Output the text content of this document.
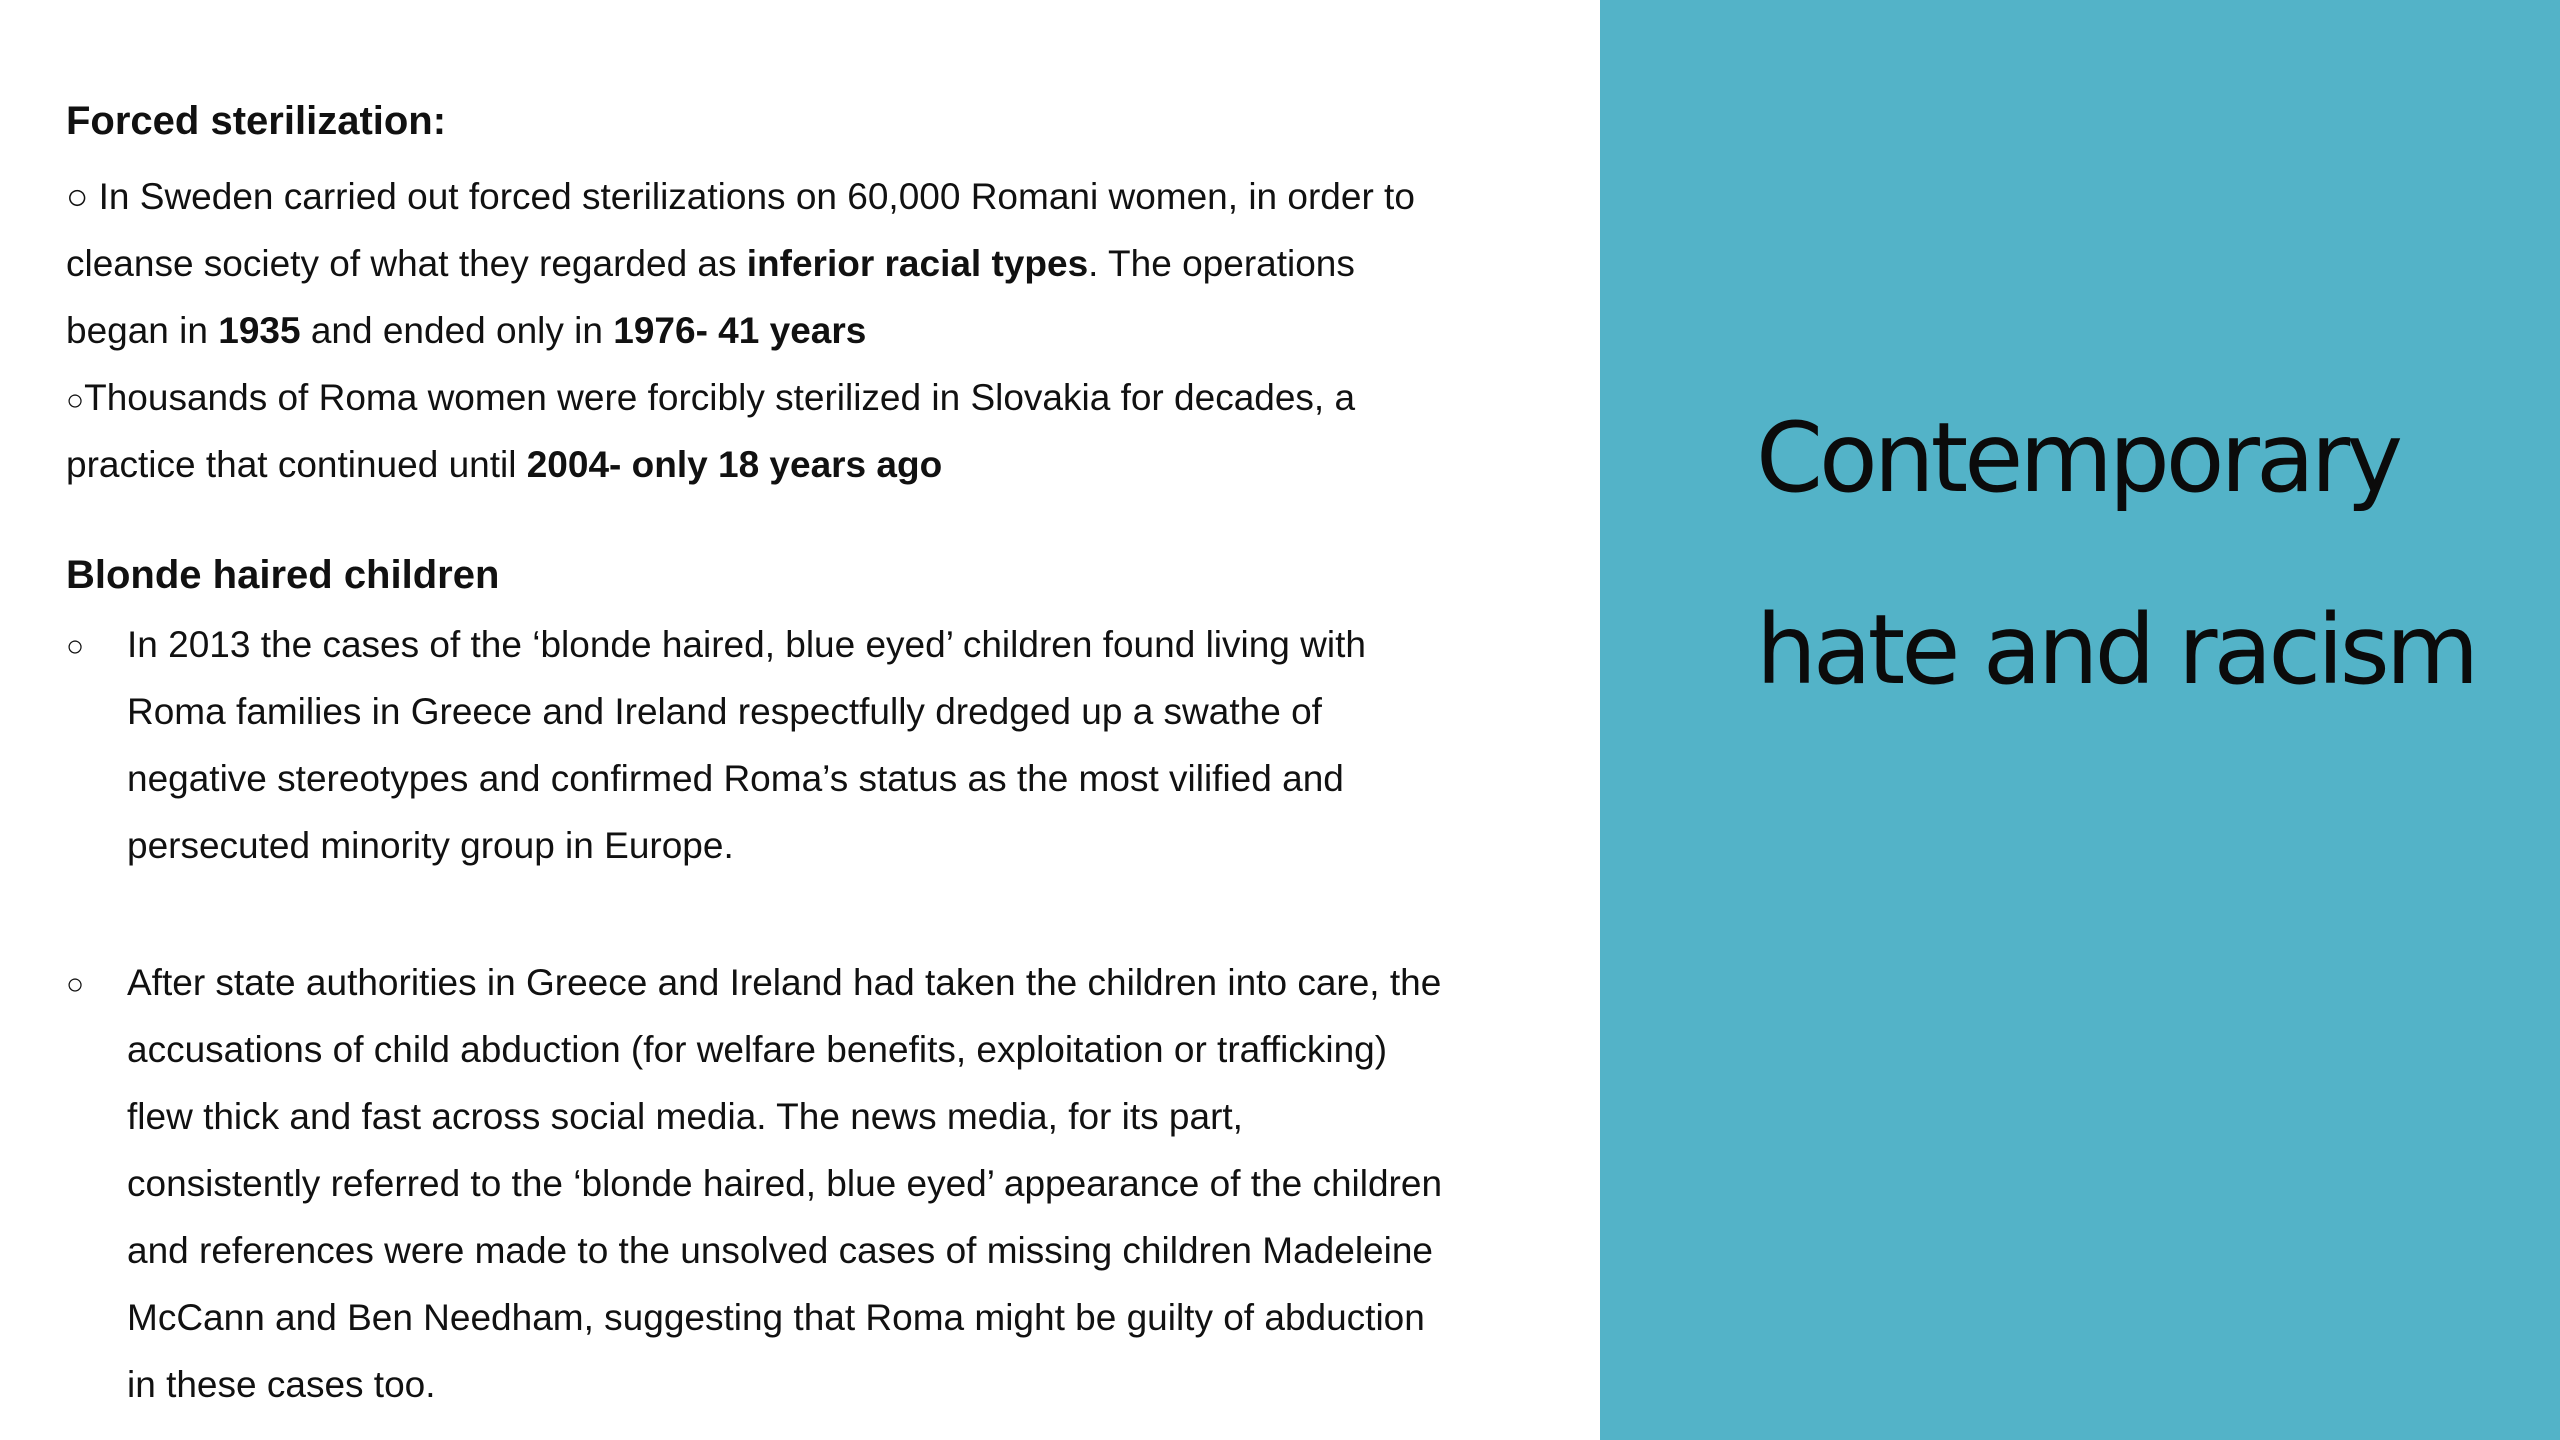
Forced sterilization:
○ In Sweden carried out forced sterilizations on 60,000 Romani women, in order to
cleanse society of what they regarded as inferior racial types. The operations
began in 1935 and ended only in 1976- 41 years
○Thousands of Roma women were forcibly sterilized in Slovakia for decades, a
practice that continued until 2004- only 18 years ago
Blonde haired children
○ In 2013 the cases of the ‘blonde haired, blue eyed’ children found living with
Roma families in Greece and Ireland respectfully dredged up a swathe of
negative stereotypes and confirmed Roma’s status as the most vilified and
persecuted minority group in Europe.
○ After state authorities in Greece and Ireland had taken the children into care, the
accusations of child abduction (for welfare benefits, exploitation or trafficking)
flew thick and fast across social media. The news media, for its part,
consistently referred to the ‘blonde haired, blue eyed’ appearance of the children
and references were made to the unsolved cases of missing children Madeleine
McCann and Ben Needham, suggesting that Roma might be guilty of abduction
in these cases too.
Contemporary
hate and racism
